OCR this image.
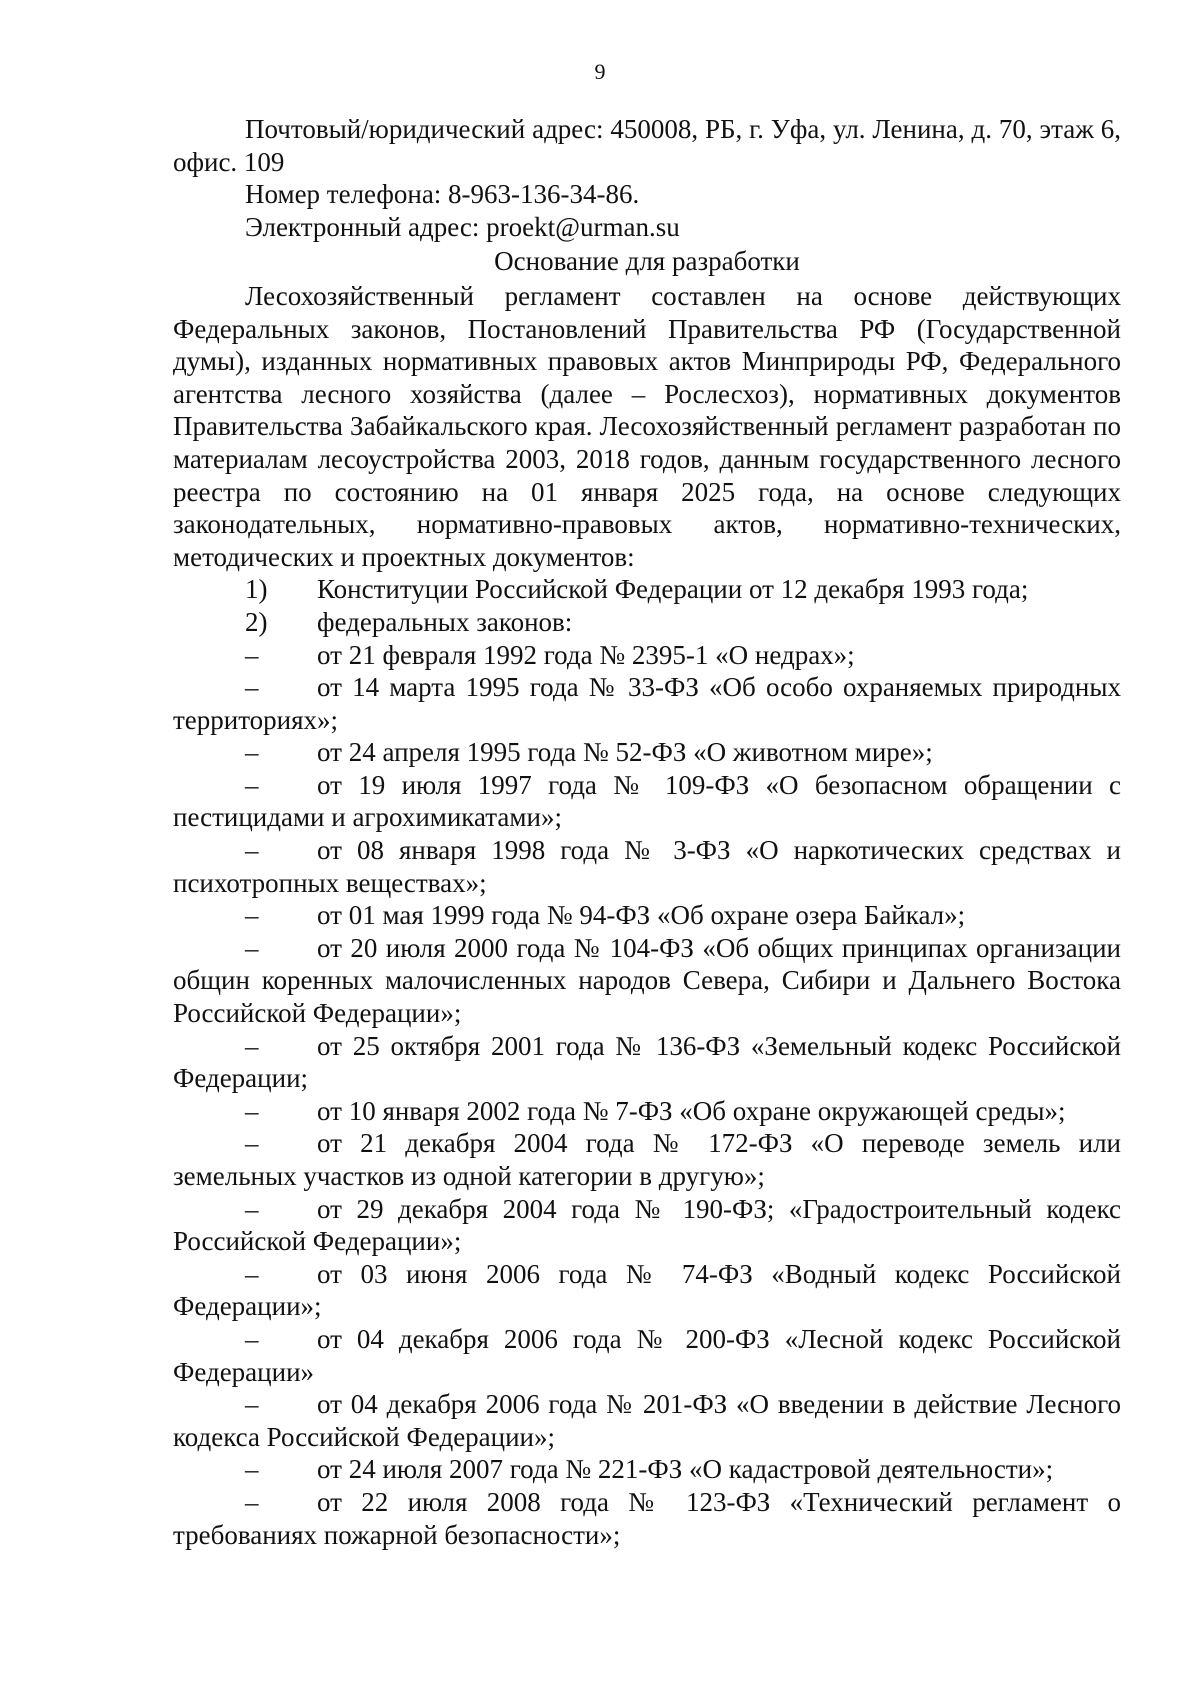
9

Почтовый/юридический адрес: 450008, РБ, г. Уфа, ул. Ленина, д. 70, этаж 6, офис. 109

Номер телефона: 8-963-136-34-86.

Электронный адрес: proekt@urman.su

Основание для разработки

Лесохозяйственный регламент составлен на основе действующих Федеральных законов, Постановлений Правительства РФ (Государственной думы), изданных нормативных правовых актов Минприроды РФ, Федерального агентства лесного хозяйства (далее – Рослесхоз), нормативных документов Правительства Забайкальского края. Лесохозяйственный регламент разработан по материалам лесоустройства 2003, 2018 годов, данным государственного лесного реестра по состоянию на 01 января 2025 года, на основе следующих законодательных, нормативно-правовых актов, нормативно-технических, методических и проектных документов:

1)	Конституции Российской Федерации от 12 декабря 1993 года;

2)	федеральных законов:

– от 21 февраля 1992 года № 2395-1 «О недрах»;

– от 14 марта 1995 года № 33-ФЗ «Об особо охраняемых природных территориях»;

– от 24 апреля 1995 года № 52-ФЗ «О животном мире»;

– от 19 июля 1997 года № 109-ФЗ «О безопасном обращении с пестицидами и агрохимикатами»;

– от 08 января 1998 года № 3-ФЗ «О наркотических средствах и психотропных веществах»;

– от 01 мая 1999 года № 94-ФЗ «Об охране озера Байкал»;

– от 20 июля 2000 года № 104-ФЗ «Об общих принципах организации общин коренных малочисленных народов Севера, Сибири и Дальнего Востока Российской Федерации»;

– от 25 октября 2001 года № 136-ФЗ «Земельный кодекс Российской Федерации;

– от 10 января 2002 года № 7-ФЗ «Об охране окружающей среды»;

– от 21 декабря 2004 года № 172-ФЗ «О переводе земель или земельных участков из одной категории в другую»;

– от 29 декабря 2004 года № 190-ФЗ; «Градостроительный кодекс Российской Федерации»;

– от 03 июня 2006 года № 74-ФЗ «Водный кодекс Российской Федерации»;

– от 04 декабря 2006 года № 200-ФЗ «Лесной кодекс Российской Федерации»

– от 04 декабря 2006 года № 201-ФЗ «О введении в действие Лесного кодекса Российской Федерации»;

– от 24 июля 2007 года № 221-ФЗ «О кадастровой деятельности»;

– от 22 июля 2008 года № 123-ФЗ «Технический регламент о требованиях пожарной безопасности»;
